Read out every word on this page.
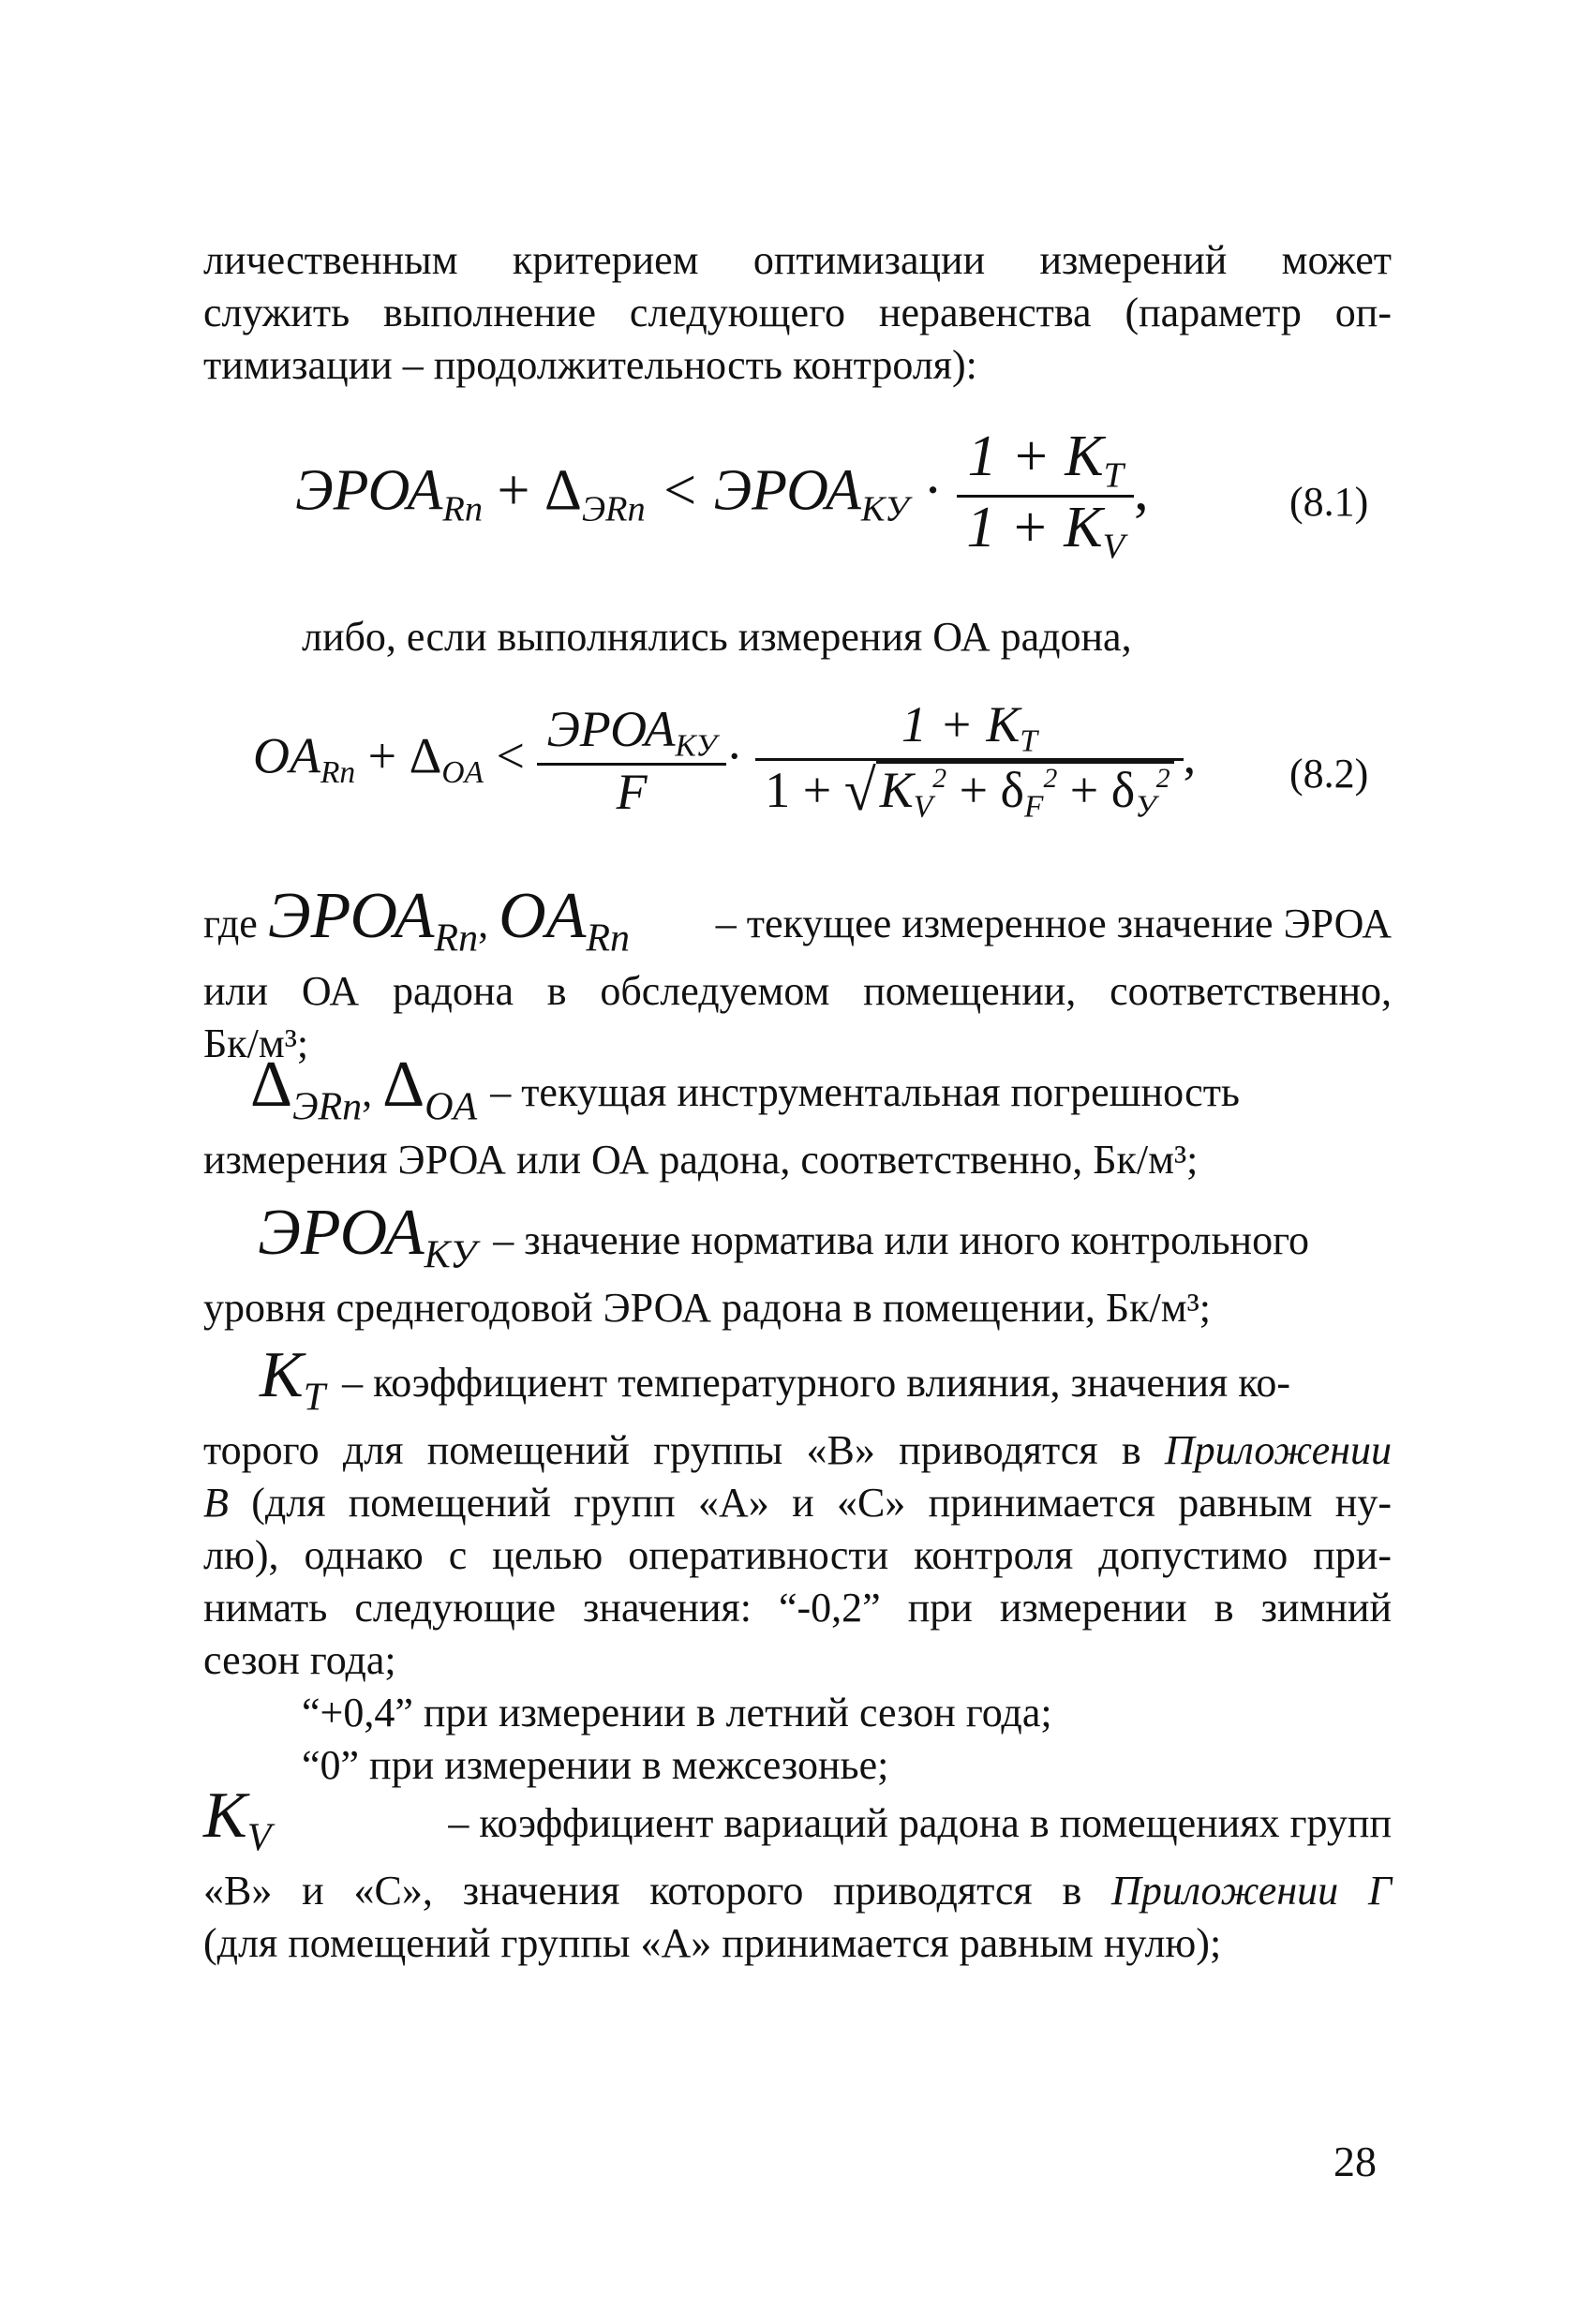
личественным критерием оптимизации измерений может
служить выполнение следующего неравенства (параметр оп-
тимизации – продолжительность контроля):
$ЭРОА_{Rn} + \Delta_{ЭRn}$ < $ЭРОА_{КУ} \cdot \frac{1 + K_T}{1 + K_V}$ ,	(8.1)
либо, если выполнялись измерения ОА радона,
$OA_{Rn} + \Delta_{OA} < \frac{ЭРОА_{КУ}}{F} \cdot \frac{1 + K_T}{1 + √ K_V^2 + \delta_F^2 + \delta_У^2}$ , (8.2)
где $ЭРОА_{Rn}$, $OA_{Rn}$ – текущее измеренное значение ЭРОА
или ОА радона в обследуемом помещении, соответственно,
Бк/м³;
$\Delta_{ЭRn}$, $\Delta_{OA}$ – текущая инструментальная погрешность
измерения ЭРОА или ОА радона, соответственно, Бк/м³;
$ЭРОА_{КУ}$ – значение норматива или иного контрольного
уровня среднегодовой ЭРОА радона в помещении, Бк/м³;
$K_T$ – коэффициент температурного влияния, значения ко-
торого для помещений группы «В» приводятся в Приложении
В (для помещений групп «А» и «С» принимается равным ну-
лю), однако с целью оперативности контроля допустимо при-
нимать следующие значения: “-0,2” при измерении в зимний
сезон года;
“+0,4” при измерении в летний сезон года;
“0” при измерении в межсезонье;
$K_V$	– коэффициент вариаций радона в помещениях групп
«В» и «С», значения которого приводятся в Приложении Г
(для помещений группы «А» принимается равным нулю);
28
